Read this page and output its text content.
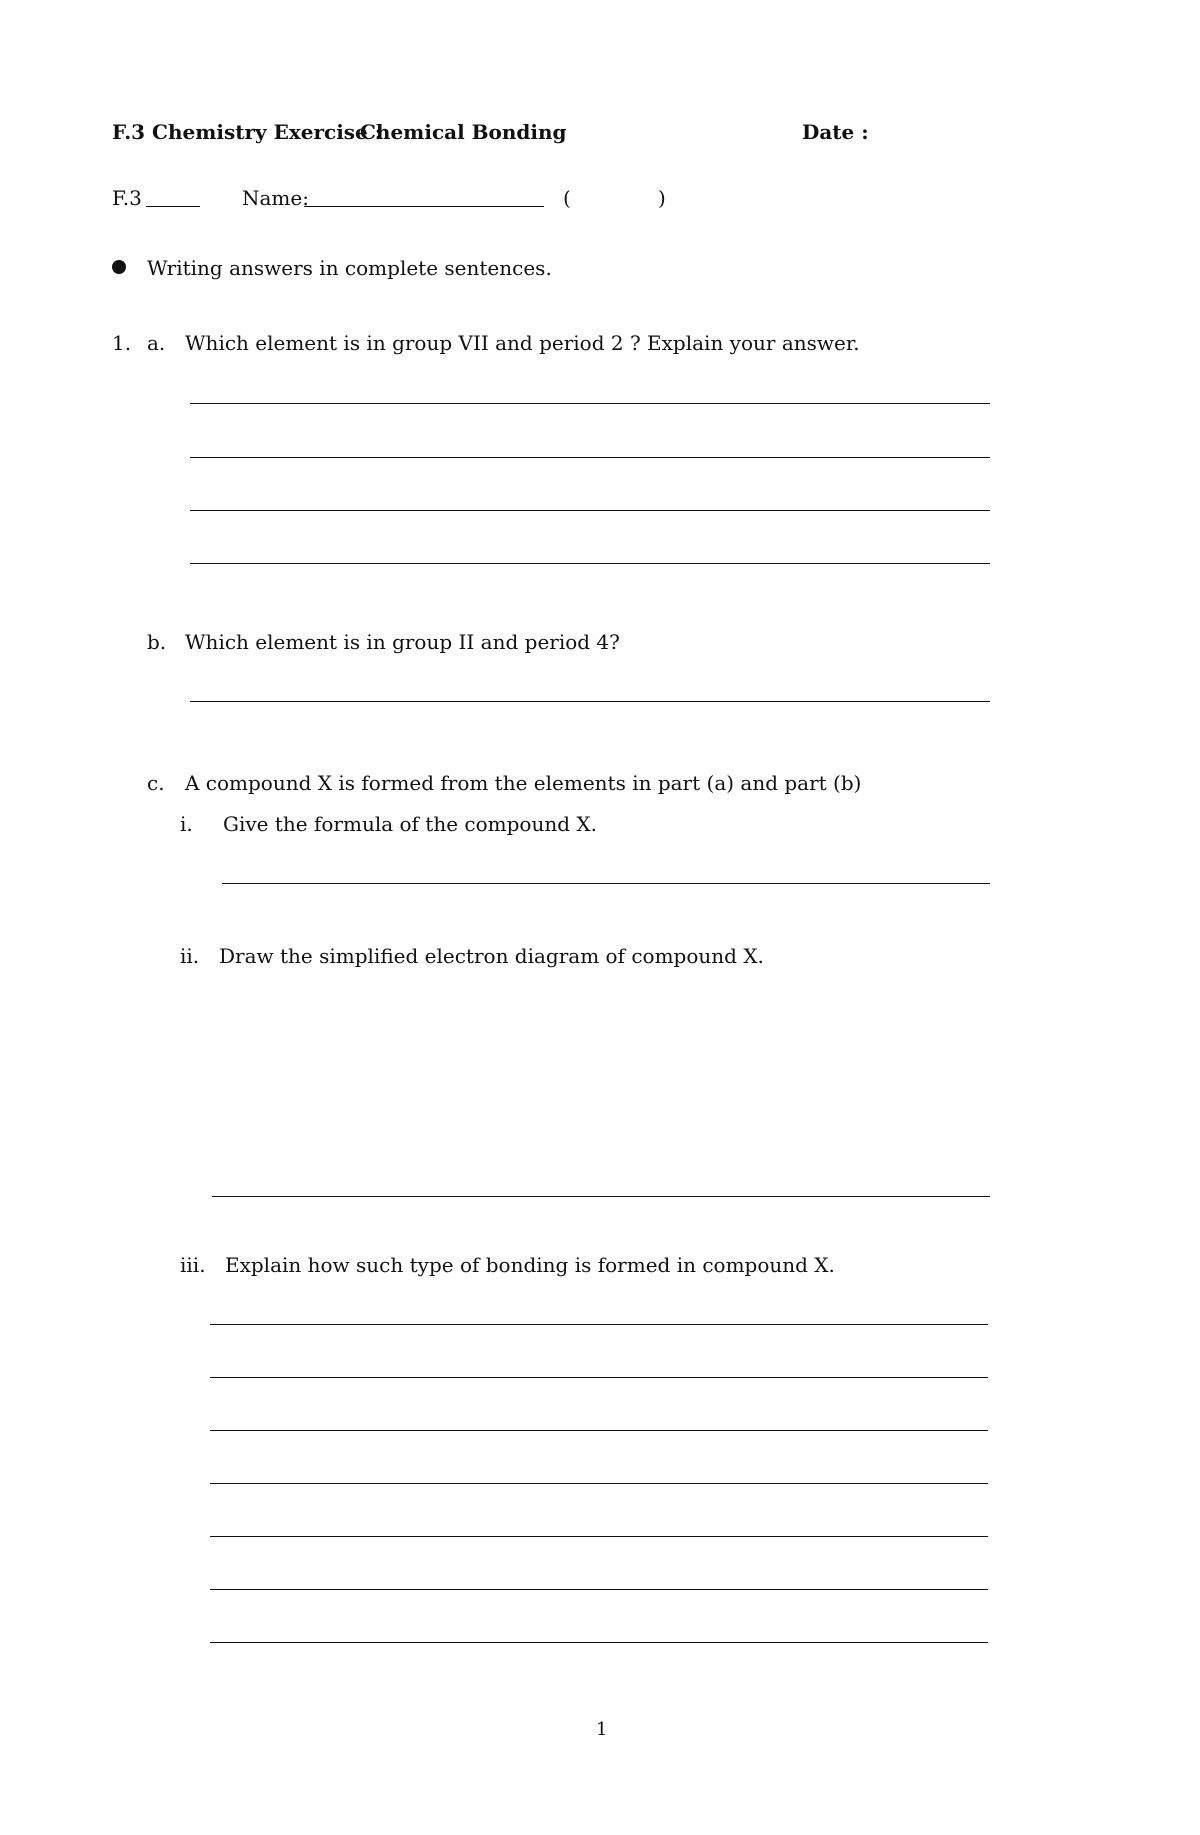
F.3 Chemistry Exercise :
Chemical Bonding	Date :
F.3	Name:	(	)
Writing answers in complete sentences.
1. a. Which element is in group VII and period 2 ? Explain your answer.
b. Which element is in group II and period 4?
c. A compound X is formed from the elements in part (a) and part (b)
i. Give the formula of the compound X.
ii. Draw the simplified electron diagram of compound X.
iii. Explain how such type of bonding is formed in compound X.
1
